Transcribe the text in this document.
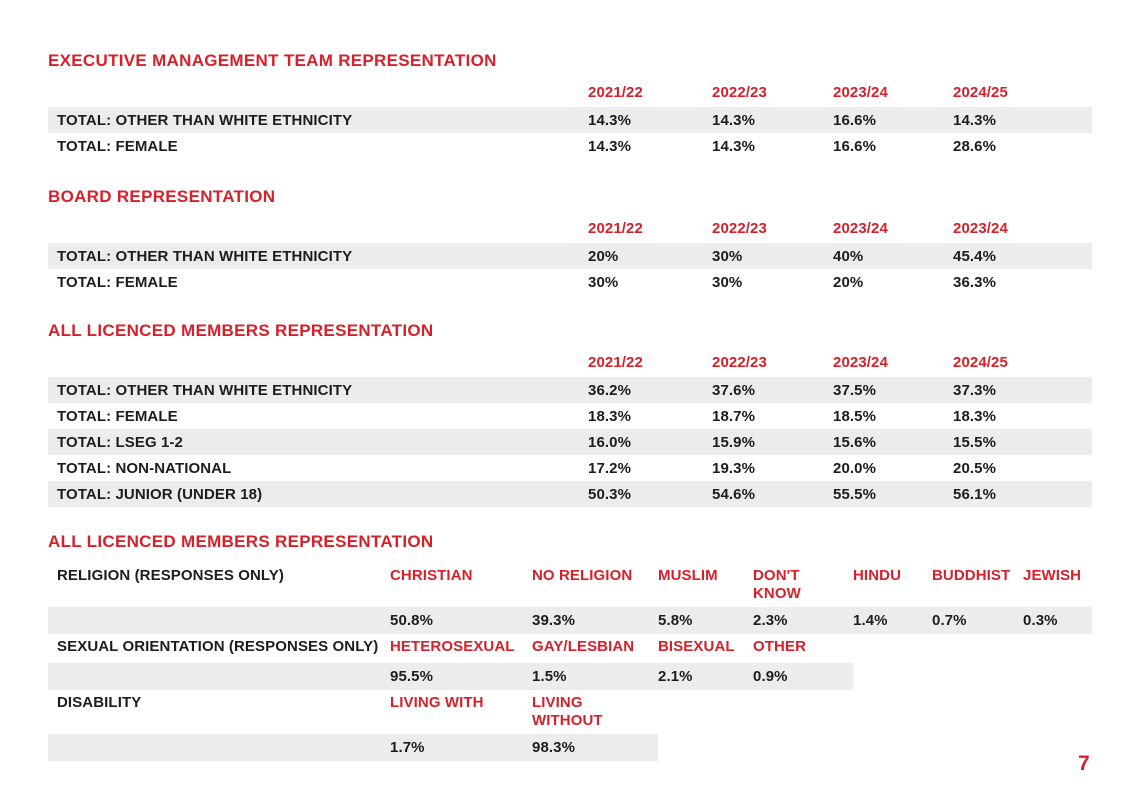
EXECUTIVE MANAGEMENT TEAM REPRESENTATION
	2021/22	2022/23	2023/24	2024/25
TOTAL: OTHER THAN WHITE ETHNICITY	14.3%	14.3%	16.6%	14.3%
TOTAL: FEMALE	14.3%	14.3%	16.6%	28.6%
BOARD REPRESENTATION
	2021/22	2022/23	2023/24	2023/24
TOTAL: OTHER THAN WHITE ETHNICITY	20%	30%	40%	45.4%
TOTAL: FEMALE	30%	30%	20%	36.3%
ALL LICENCED MEMBERS REPRESENTATION
	2021/22	2022/23	2023/24	2024/25
TOTAL: OTHER THAN WHITE ETHNICITY	36.2%	37.6%	37.5%	37.3%
TOTAL: FEMALE	18.3%	18.7%	18.5%	18.3%
TOTAL: LSEG 1-2	16.0%	15.9%	15.6%	15.5%
TOTAL: NON-NATIONAL	17.2%	19.3%	20.0%	20.5%
TOTAL: JUNIOR (UNDER 18)	50.3%	54.6%	55.5%	56.1%
ALL LICENCED MEMBERS REPRESENTATION
RELIGION (RESPONSES ONLY)	CHRISTIAN	NO RELIGION	MUSLIM	DON'T KNOW	HINDU	BUDDHIST	JEWISH
	50.8%	39.3%	5.8%	2.3%	1.4%	0.7%	0.3%
SEXUAL ORIENTATION (RESPONSES ONLY)	HETEROSEXUAL	GAY/LESBIAN	BISEXUAL	OTHER			
	95.5%	1.5%	2.1%	0.9%			
DISABILITY	LIVING WITH	LIVING WITHOUT					
	1.7%	98.3%					
7
